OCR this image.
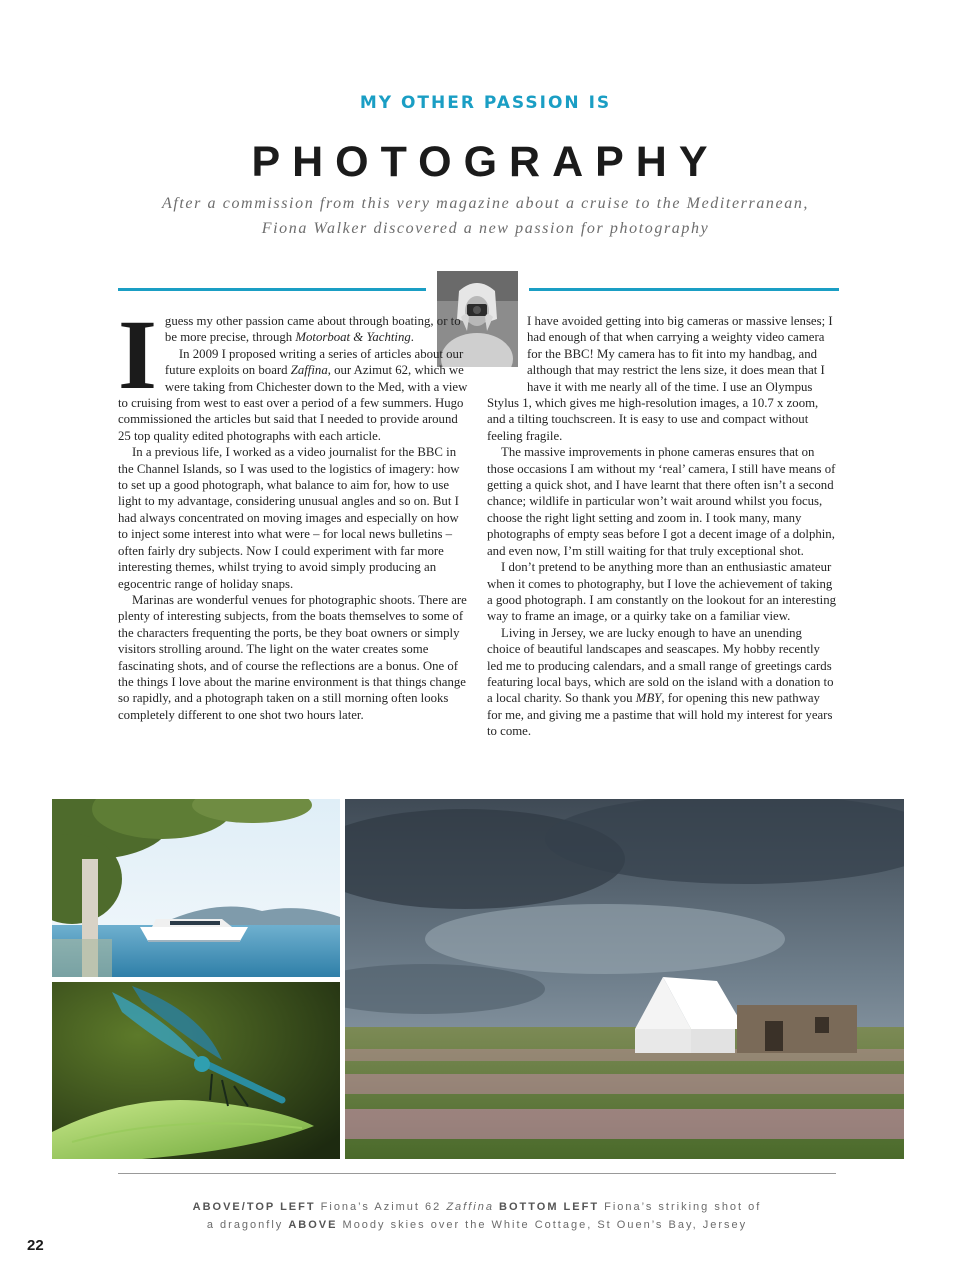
MY OTHER PASSION IS
PHOTOGRAPHY
After a commission from this very magazine about a cruise to the Mediterranean,
Fiona Walker discovered a new passion for photography
I guess my other passion came about through boating, or to be more precise, through Motorboat & Yachting.

In 2009 I proposed writing a series of articles about our future exploits on board Zaffina, our Azimut 62, which we were taking from Chichester down to the Med, with a view to cruising from west to east over a period of a few summers. Hugo commissioned the articles but said that I needed to provide around 25 top quality edited photographs with each article.

In a previous life, I worked as a video journalist for the BBC in the Channel Islands, so I was used to the logistics of imagery: how to set up a good photograph, what balance to aim for, how to use light to my advantage, considering unusual angles and so on. But I had always concentrated on moving images and especially on how to inject some interest into what were – for local news bulletins – often fairly dry subjects. Now I could experiment with far more interesting themes, whilst trying to avoid simply producing an egocentric range of holiday snaps.

Marinas are wonderful venues for photographic shoots. There are plenty of interesting subjects, from the boats themselves to some of the characters frequenting the ports, be they boat owners or simply visitors strolling around. The light on the water creates some fascinating shots, and of course the reflections are a bonus. One of the things I love about the marine environment is that things change so rapidly, and a photograph taken on a still morning often looks completely different to one shot two hours later.

I have avoided getting into big cameras or massive lenses; I had enough of that when carrying a weighty video camera for the BBC! My camera has to fit into my handbag, and although that may restrict the lens size, it does mean that I have it with me nearly all of the time. I use an Olympus Stylus 1, which gives me high-resolution images, a 10.7 x zoom, and a tilting touchscreen. It is easy to use and compact without feeling fragile.

The massive improvements in phone cameras ensures that on those occasions I am without my ‘real’ camera, I still have means of getting a quick shot, and I have learnt that there often isn’t a second chance; wildlife in particular won’t wait around whilst you focus, choose the right light setting and zoom in. I took many, many photographs of empty seas before I got a decent image of a dolphin, and even now, I’m still waiting for that truly exceptional shot.

I don’t pretend to be anything more than an enthusiastic amateur when it comes to photography, but I love the achievement of taking a good photograph. I am constantly on the lookout for an interesting way to frame an image, or a quirky take on a familiar view.

Living in Jersey, we are lucky enough to have an unending choice of beautiful landscapes and seascapes. My hobby recently led me to producing calendars, and a small range of greetings cards featuring local bays, which are sold on the island with a donation to a local charity. So thank you MBY, for opening this new pathway for me, and giving me a pastime that will hold my interest for years to come.

ABOVE/TOP LEFT Fiona’s Azimut 62 Zaffina BOTTOM LEFT Fiona’s striking shot of
a dragonfly ABOVE Moody skies over the White Cottage, St Ouen’s Bay, Jersey
22
